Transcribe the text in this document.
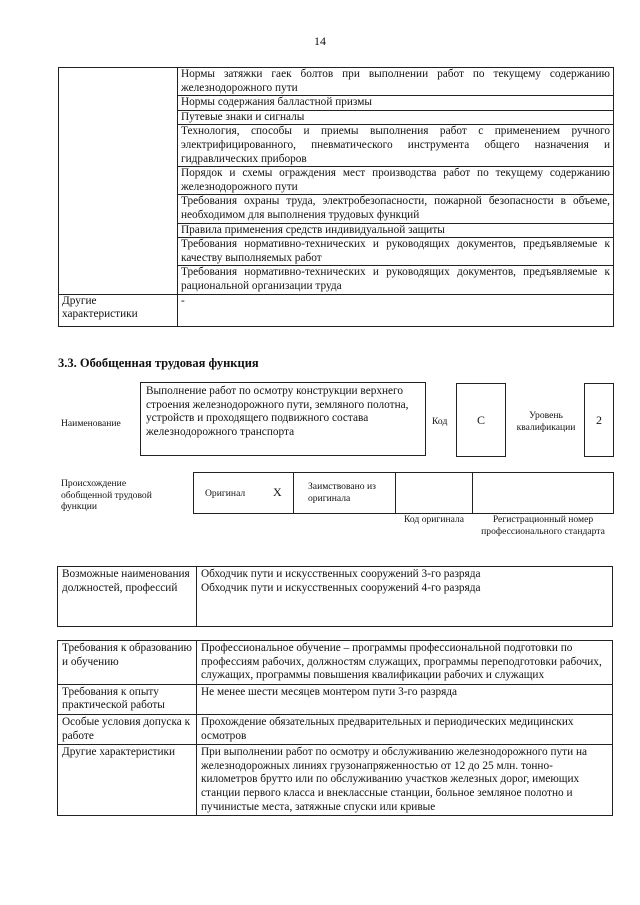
14
	Нормы затяжки гаек болтов при выполнении работ по текущему содержанию железнодорожного пути
	Нормы содержания балластной призмы
	Путевые знаки и сигналы
	Технология, способы и приемы выполнения работ с применением ручного электрифицированного, пневматического инструмента общего назначения и гидравлических приборов
	Порядок и схемы ограждения мест производства работ по текущему содержанию железнодорожного пути
	Требования охраны труда, электробезопасности, пожарной безопасности в объеме, необходимом для выполнения трудовых функций
	Правила применения средств индивидуальной защиты
	Требования нормативно-технических и руководящих документов, предъявляемые к качеству выполняемых работ
	Требования нормативно-технических и руководящих документов, предъявляемые к рациональной организации труда
Другие характеристики	-
3.3. Обобщенная трудовая функция
Наименование
Выполнение работ по осмотру конструкции верхнего строения железнодорожного пути, земляного полотна, устройств и проходящего подвижного состава железнодорожного транспорта
Код C	Уровень квалификации
2
Происхождение обобщенной трудовой функции
Оригинал X	Заимствовано из оригинала
Код оригинала	Регистрационный номер профессионального стандарта
Возможные наименования должностей, профессий	Обходчик пути и искусственных сооружений 3-го разряда
Обходчик пути и искусственных сооружений 4-го разряда
Требования к образованию и обучению	Профессиональное обучение – программы профессиональной подготовки по профессиям рабочих, должностям служащих, программы переподготовки рабочих, служащих, программы повышения квалификации рабочих и служащих
Требования к опыту практической работы	Не менее шести месяцев монтером пути 3-го разряда
Особые условия допуска к работе	Прохождение обязательных предварительных и периодических медицинских осмотров
Другие характеристики	При выполнении работ по осмотру и обслуживанию железнодорожного пути на железнодорожных линиях грузонапряженностью от 12 до 25 млн. тонно-километров брутто или по обслуживанию участков железных дорог, имеющих станции первого класса и внеклассные станции, больное земляное полотно и пучинистые места, затяжные спуски или кривые
